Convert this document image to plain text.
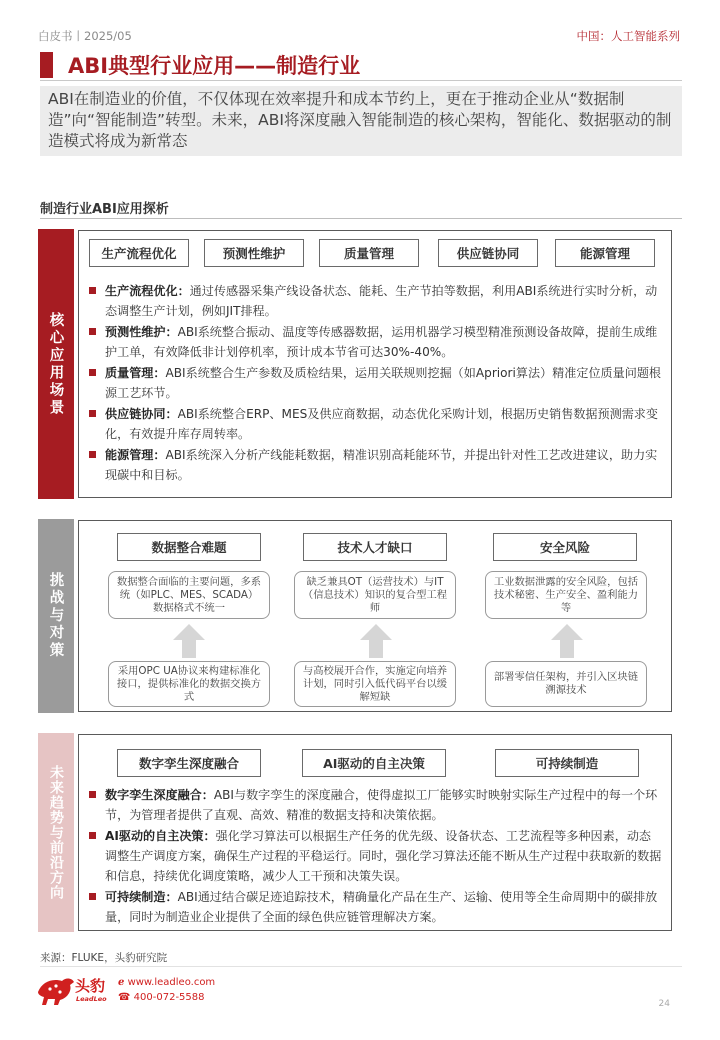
白皮书丨2025/05	中国：人工智能系列
ABI典型行业应用——制造行业
ABI在制造业的价值，不仅体现在效率提升和成本节约上，更在于推动企业从“数据制造”向“智能制造”转型。未来，ABI将深度融入智能制造的核心架构，智能化、数据驱动的制造模式将成为新常态
制造行业ABI应用探析
核心应用场景
生产流程优化	预测性维护	质量管理	供应链协同	能源管理
生产流程优化：通过传感器采集产线设备状态、能耗、生产节拍等数据，利用ABI系统进行实时分析，动态调整生产计划，例如JIT排程。
预测性维护：ABI系统整合振动、温度等传感器数据，运用机器学习模型精准预测设备故障，提前生成维护工单，有效降低非计划停机率，预计成本节省可达30%-40%。
质量管理：ABI系统整合生产参数及质检结果，运用关联规则挖掘（如Apriori算法）精准定位质量问题根源工艺环节。
供应链协同：ABI系统整合ERP、MES及供应商数据，动态优化采购计划，根据历史销售数据预测需求变化，有效提升库存周转率。
能源管理：ABI系统深入分析产线能耗数据，精准识别高耗能环节，并提出针对性工艺改进建议，助力实现碳中和目标。
挑战与对策
数据整合难题
数据整合面临的主要问题，多系统（如PLC、MES、SCADA）数据格式不统一
采用OPC UA协议来构建标准化接口，提供标准化的数据交换方式
技术人才缺口
缺乏兼具OT（运营技术）与IT（信息技术）知识的复合型工程师
与高校展开合作，实施定向培养计划，同时引入低代码平台以缓解短缺
安全风险
工业数据泄露的安全风险，包括技术秘密、生产安全、盈利能力等
部署零信任架构，并引入区块链溯源技术
未来趋势与前沿方向
数字孪生深度融合	AI驱动的自主决策	可持续制造
数字孪生深度融合：ABI与数字孪生的深度融合，使得虚拟工厂能够实时映射实际生产过程中的每一个环节，为管理者提供了直观、高效、精准的数据支持和决策依据。
AI驱动的自主决策：强化学习算法可以根据生产任务的优先级、设备状态、工艺流程等多种因素，动态调整生产调度方案，确保生产过程的平稳运行。同时，强化学习算法还能不断从生产过程中获取新的数据和信息，持续优化调度策略，减少人工干预和决策失误。
可持续制造：ABI通过结合碳足迹追踪技术，精确量化产品在生产、运输、使用等全生命周期中的碳排放量，同时为制造业企业提供了全面的绿色供应链管理解决方案。
来源：FLUKE，头豹研究院
头豹
LeadLeo
ℯ www.leadleo.com
☎ 400-072-5588
24
